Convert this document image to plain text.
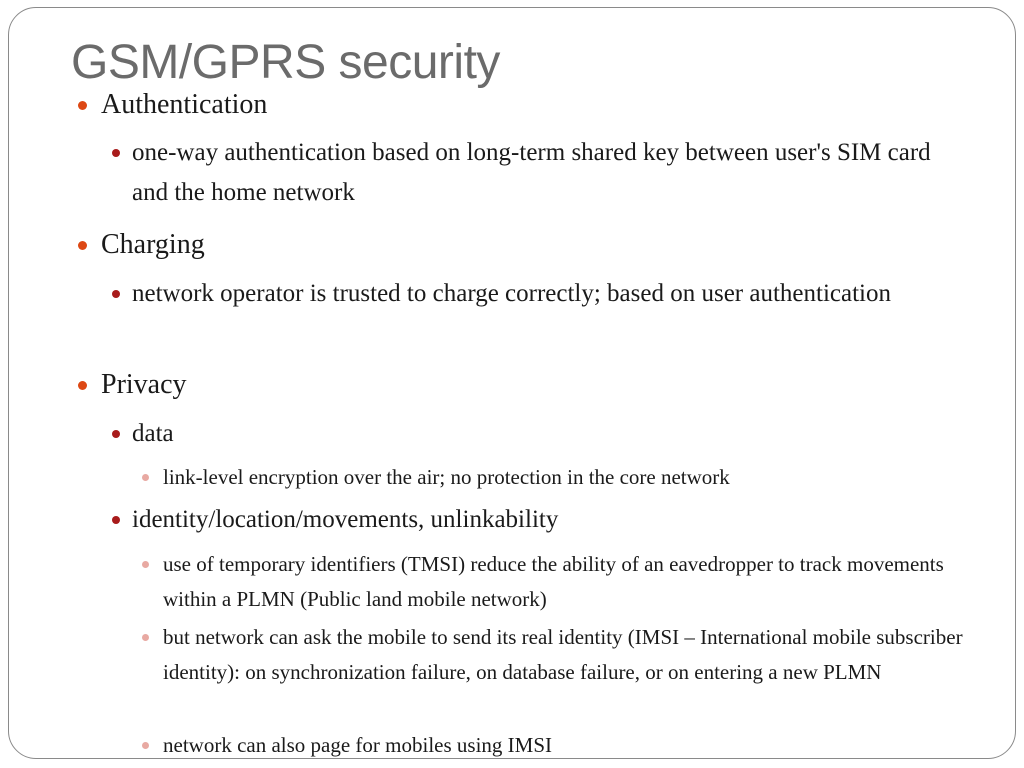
GSM/GPRS security

Authentication

one-way authentication based on long-term shared key between user's SIM card and the home network

Charging

network operator is trusted to charge correctly; based on user authentication

Privacy

data

link-level encryption over the air; no protection in the core network

identity/location/movements, unlinkability

use of temporary identifiers (TMSI) reduce the ability of an eavedropper to track movements within a PLMN (Public land mobile network)

but network can ask the mobile to send its real identity (IMSI – International mobile subscriber identity): on synchronization failure, on database failure, or on entering a new PLMN

network can also page for mobiles using IMSI
